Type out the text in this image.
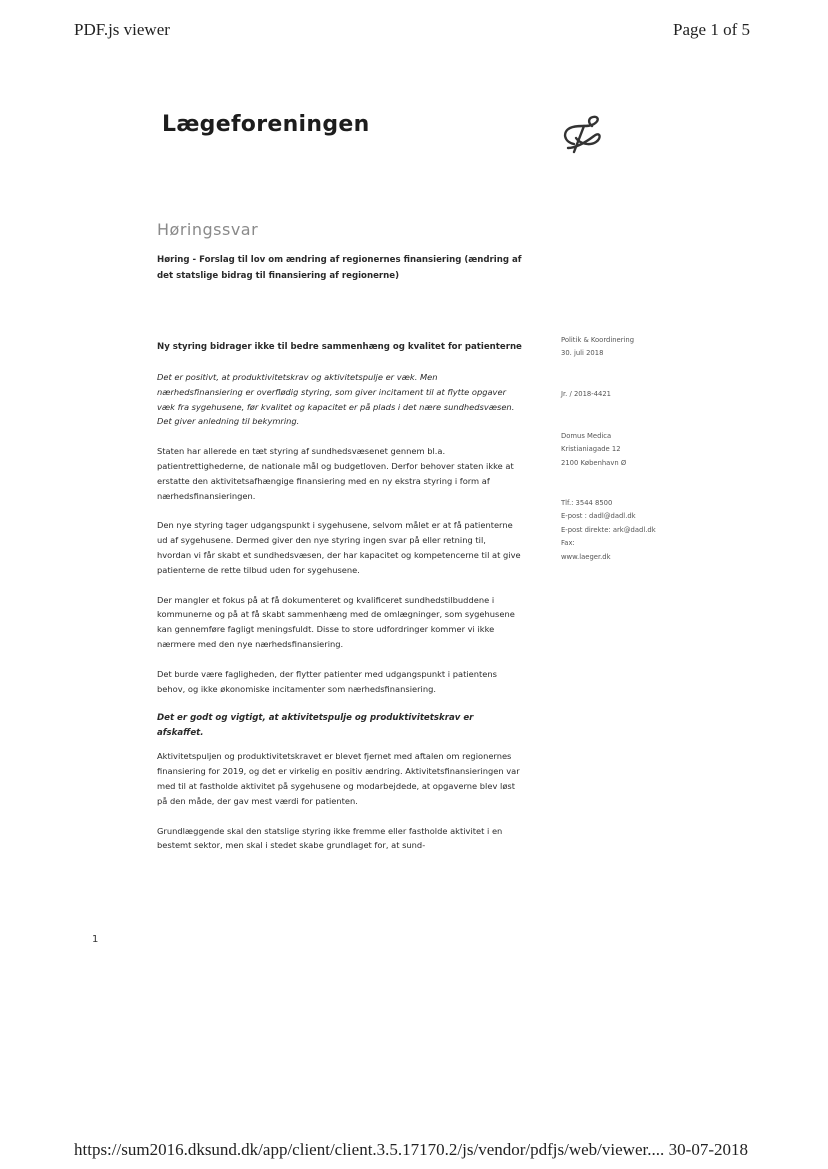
PDF.js viewer	Page 1 of 5
Lægeforeningen
Høringssvar
Høring - Forslag til lov om ændring af regionernes finansiering (ændring af det statslige bidrag til finansiering af regionerne)
Politik & Koordinering
30. juli 2018
Jr. / 2018-4421
Domus Medica
Kristianiagade 12
2100 København Ø
Tlf.: 3544 8500
E-post : dadl@dadl.dk
E-post direkte: ark@dadl.dk
Fax:
www.laeger.dk
Ny styring bidrager ikke til bedre sammenhæng og kvalitet for patienterne

Det er positivt, at produktivitetskrav og aktivitetspulje er væk. Men nærhedsfinansiering er overflødig styring, som giver incitament til at flytte opgaver væk fra sygehusene, før kvalitet og kapacitet er på plads i det nære sundhedsvæsen. Det giver anledning til bekymring.

Staten har allerede en tæt styring af sundhedsvæsenet gennem bl.a. patientrettighederne, de nationale mål og budgetloven. Derfor behover staten ikke at erstatte den aktivitetsafhængige finansiering med en ny ekstra styring i form af nærhedsfinansieringen.

Den nye styring tager udgangspunkt i sygehusene, selvom målet er at få patienterne ud af sygehusene. Dermed giver den nye styring ingen svar på eller retning til, hvordan vi får skabt et sundhedsvæsen, der har kapacitet og kompetencerne til at give patienterne de rette tilbud uden for sygehusene.

Der mangler et fokus på at få dokumenteret og kvalificeret sundhedstilbuddene i kommunerne og på at få skabt sammenhæng med de omlægninger, som sygehusene kan gennemføre fagligt meningsfuldt. Disse to store udfordringer kommer vi ikke nærmere med den nye nærhedsfinansiering.

Det burde være fagligheden, der flytter patienter med udgangspunkt i patientens behov, og ikke økonomiske incitamenter som nærhedsfinansiering.

Det er godt og vigtigt, at aktivitetspulje og produktivitetskrav er afskaffet.

Aktivitetspuljen og produktivitetskravet er blevet fjernet med aftalen om regionernes finansiering for 2019, og det er virkelig en positiv ændring. Aktivitetsfinansieringen var med til at fastholde aktivitet på sygehusene og modarbejdede, at opgaverne blev løst på den måde, der gav mest værdi for patienten.

Grundlæggende skal den statslige styring ikke fremme eller fastholde aktivitet i en bestemt sektor, men skal i stedet skabe grundlaget for, at sund-

1
https://sum2016.dksund.dk/app/client/client.3.5.17170.2/js/vendor/pdfjs/web/viewer.... 30-07-2018
